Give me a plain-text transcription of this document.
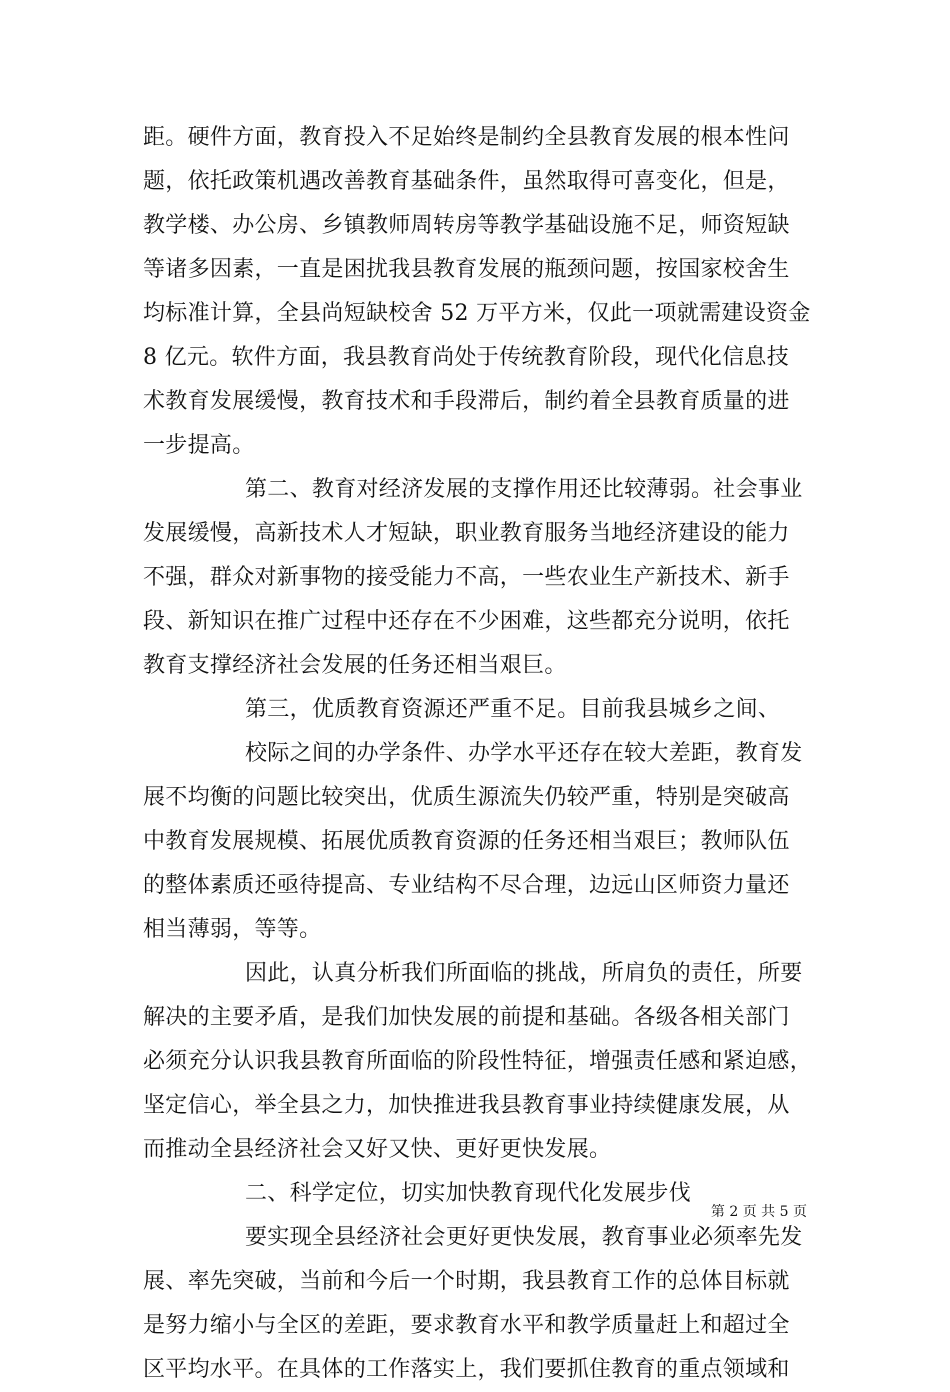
距。硬件方面，教育投入不足始终是制约全县教育发展的根本性问
题，依托政策机遇改善教育基础条件，虽然取得可喜变化，但是，
教学楼、办公房、乡镇教师周转房等教学基础设施不足，师资短缺
等诸多因素，一直是困扰我县教育发展的瓶颈问题，按国家校舍生
均标准计算，全县尚短缺校舍 52 万平方米，仅此一项就需建设资金
8 亿元。软件方面，我县教育尚处于传统教育阶段，现代化信息技
术教育发展缓慢，教育技术和手段滞后，制约着全县教育质量的进
一步提高。
第二、教育对经济发展的支撑作用还比较薄弱。社会事业
发展缓慢，高新技术人才短缺，职业教育服务当地经济建设的能力
不强，群众对新事物的接受能力不高，一些农业生产新技术、新手
段、新知识在推广过程中还存在不少困难，这些都充分说明，依托
教育支撑经济社会发展的任务还相当艰巨。
第三，优质教育资源还严重不足。目前我县城乡之间、
校际之间的办学条件、办学水平还存在较大差距，教育发
展不均衡的问题比较突出，优质生源流失仍较严重，特别是突破高
中教育发展规模、拓展优质教育资源的任务还相当艰巨；教师队伍
的整体素质还亟待提高、专业结构不尽合理，边远山区师资力量还
相当薄弱，等等。
因此，认真分析我们所面临的挑战，所肩负的责任，所要
解决的主要矛盾，是我们加快发展的前提和基础。各级各相关部门
必须充分认识我县教育所面临的阶段性特征，增强责任感和紧迫感，
坚定信心，举全县之力，加快推进我县教育事业持续健康发展，从
而推动全县经济社会又好又快、更好更快发展。
二、科学定位，切实加快教育现代化发展步伐
要实现全县经济社会更好更快发展，教育事业必须率先发
展、率先突破，当前和今后一个时期，我县教育工作的总体目标就
是努力缩小与全区的差距，要求教育水平和教学质量赶上和超过全
区平均水平。在具体的工作落实上，我们要抓住教育的重点领域和
第 2 页 共 5 页
